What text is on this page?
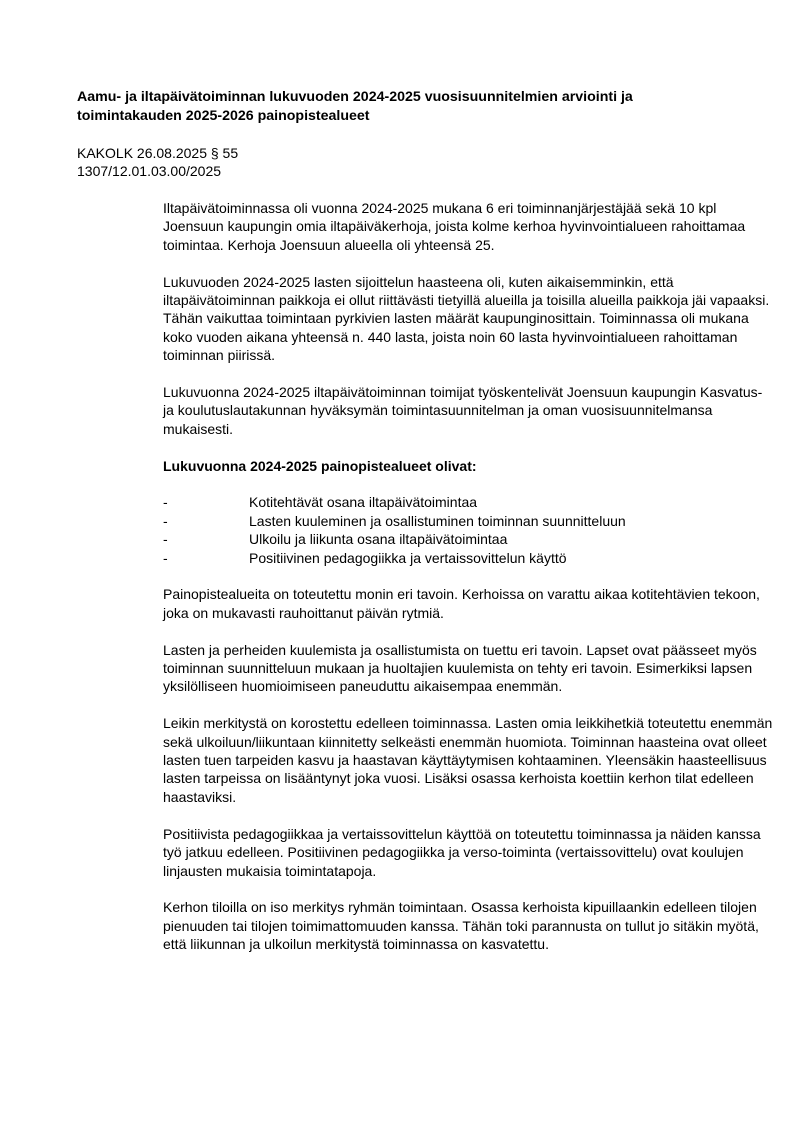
Aamu- ja iltapäivätoiminnan lukuvuoden 2024-2025 vuosisuunnitelmien arviointi ja
toimintakauden 2025-2026 painopistealueet
KAKOLK 26.08.2025 § 55
1307/12.01.03.00/2025

Iltapäivätoiminnassa oli vuonna 2024-2025 mukana 6 eri toiminnanjärjestäjää sekä 10 kpl Joensuun kaupungin omia iltapäiväkerhoja, joista kolme kerhoa hyvinvointialueen rahoittamaa toimintaa. Kerhoja Joensuun alueella oli yhteensä 25.

Lukuvuoden 2024-2025 lasten sijoittelun haasteena oli, kuten aikaisemminkin, että iltapäivätoiminnan paikkoja ei ollut riittävästi tietyillä alueilla ja toisilla alueilla paikkoja jäi vapaaksi. Tähän vaikuttaa toimintaan pyrkivien lasten määrät kaupunginosittain. Toiminnassa oli mukana koko vuoden aikana yhteensä n. 440 lasta, joista noin 60 lasta hyvinvointialueen rahoittaman toiminnan piirissä.

Lukuvuonna 2024-2025 iltapäivätoiminnan toimijat työskentelivät Joensuun kaupungin Kasvatus- ja koulutuslautakunnan hyväksymän toimintasuunnitelman ja oman vuosisuunnitelmansa mukaisesti.

Lukuvuonna 2024-2025 painopistealueet olivat:

-	Kotitehtävät osana iltapäivätoimintaa
-	Lasten kuuleminen ja osallistuminen toiminnan suunnitteluun
-	Ulkoilu ja liikunta osana iltapäivätoimintaa
-	Positiivinen pedagogiikka ja vertaissovittelun käyttö

Painopistealueita on toteutettu monin eri tavoin. Kerhoissa on varattu aikaa kotitehtävien tekoon, joka on mukavasti rauhoittanut päivän rytmiä.

Lasten ja perheiden kuulemista ja osallistumista on tuettu eri tavoin. Lapset ovat päässeet myös toiminnan suunnitteluun mukaan ja huoltajien kuulemista on tehty eri tavoin. Esimerkiksi lapsen yksilölliseen huomioimiseen paneuduttu aikaisempaa enemmän.

Leikin merkitystä on korostettu edelleen toiminnassa. Lasten omia leikkihetkiä toteutettu enemmän sekä ulkoiluun/liikuntaan kiinnitetty selkeästi enemmän huomiota. Toiminnan haasteina ovat olleet lasten tuen tarpeiden kasvu ja haastavan käyttäytymisen kohtaaminen. Yleensäkin haasteellisuus lasten tarpeissa on lisääntynyt joka vuosi. Lisäksi osassa kerhoista koettiin kerhon tilat edelleen haastaviksi.

Positiivista pedagogiikkaa ja vertaissovittelun käyttöä on toteutettu toiminnassa ja näiden kanssa työ jatkuu edelleen. Positiivinen pedagogiikka ja verso-toiminta (vertaissovittelu) ovat koulujen linjausten mukaisia toimintatapoja.

Kerhon tiloilla on iso merkitys ryhmän toimintaan. Osassa kerhoista kipuillaankin edelleen tilojen pienuuden tai tilojen toimimattomuuden kanssa. Tähän toki parannusta on tullut jo sitäkin myötä, että liikunnan ja ulkoilun merkitystä toiminnassa on kasvatettu.
